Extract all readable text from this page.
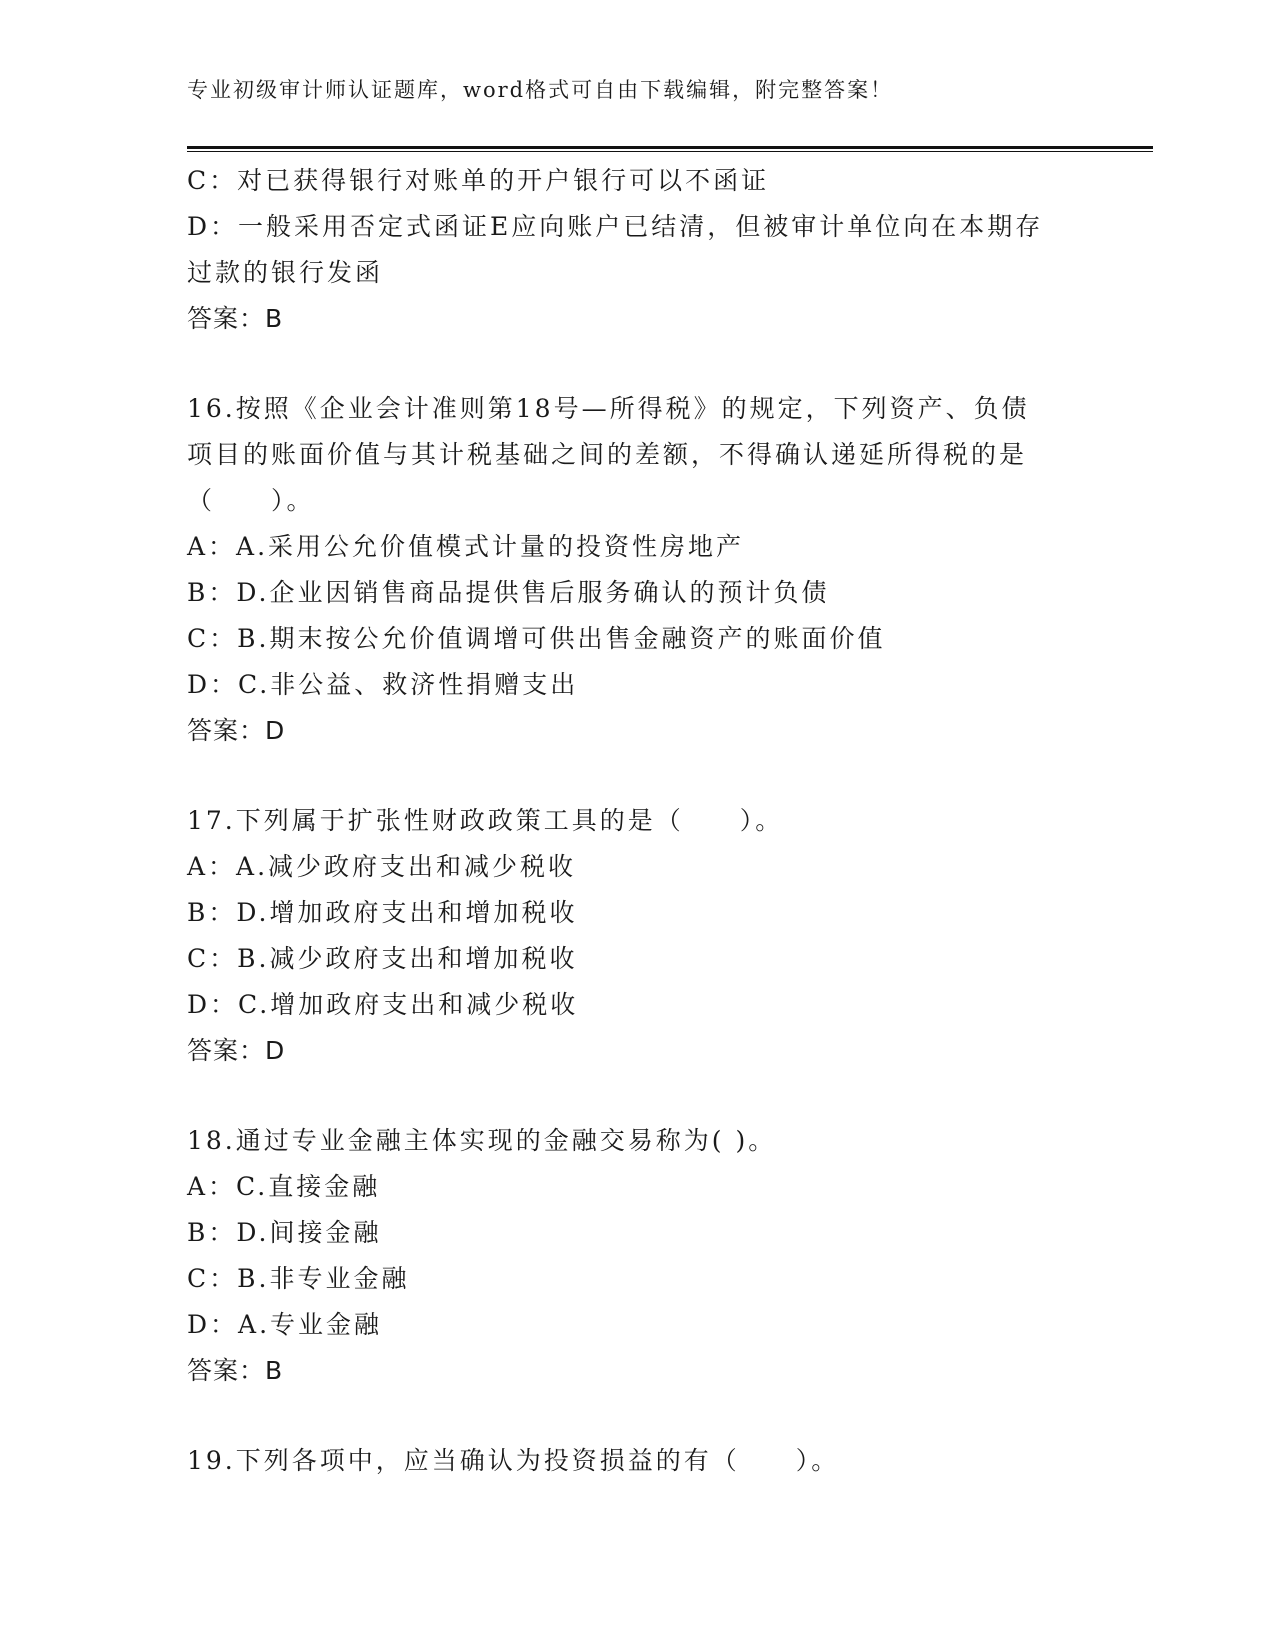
专业初级审计师认证题库，word格式可自由下载编辑，附完整答案！
C：对已获得银行对账单的开户银行可以不函证
D：一般采用否定式函证E应向账户已结清，但被审计单位向在本期存
过款的银行发函
答案：B
16.按照《企业会计准则第18号—所得税》的规定，下列资产、负债
项目的账面价值与其计税基础之间的差额，不得确认递延所得税的是
（　　）。
A：A.采用公允价值模式计量的投资性房地产
B：D.企业因销售商品提供售后服务确认的预计负债
C：B.期末按公允价值调增可供出售金融资产的账面价值
D：C.非公益、救济性捐赠支出
答案：D
17.下列属于扩张性财政政策工具的是（　　）。
A：A.减少政府支出和减少税收
B：D.增加政府支出和增加税收
C：B.减少政府支出和增加税收
D：C.增加政府支出和减少税收
答案：D
18.通过专业金融主体实现的金融交易称为( )。
A：C.直接金融
B：D.间接金融
C：B.非专业金融
D：A.专业金融
答案：B
19.下列各项中，应当确认为投资损益的有（　　）。
